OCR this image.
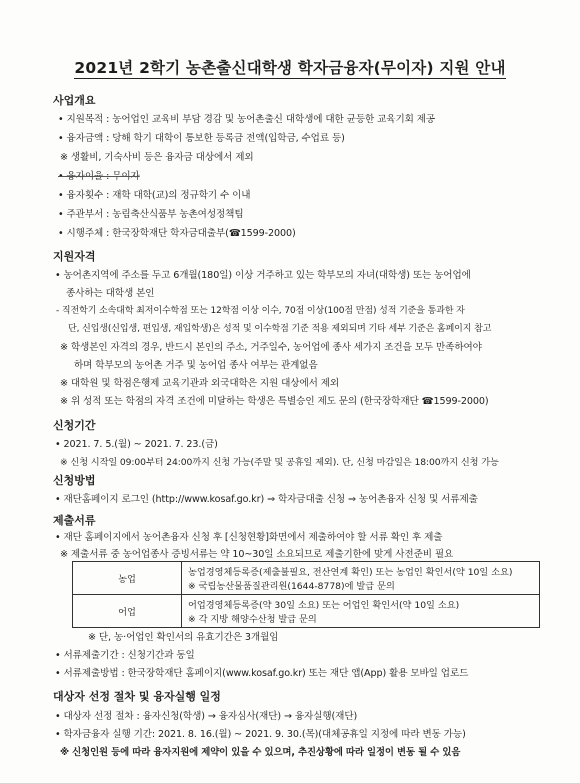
2021년 2학기 농촌출신대학생 학자금융자(무이자) 지원 안내
사업개요
• 지원목적 : 농어업인 교육비 부담 경감 및 농어촌출신 대학생에 대한 균등한 교육기회 제공
• 융자금액 : 당해 학기 대학이 통보한 등록금 전액(입학금, 수업료 등)
※ 생활비, 기숙사비 등은 융자금 대상에서 제외
• 융자이율 : 무이자
• 융자횟수 : 재학 대학(교)의 정규학기 수 이내
• 주관부서 : 농림축산식품부 농촌여성정책팀
• 시행주체 : 한국장학재단 학자금대출부(☎1599-2000)
지원자격
• 농어촌지역에 주소를 두고 6개월(180일) 이상 거주하고 있는 학부모의 자녀(대학생) 또는 농어업에
종사하는 대학생 본인
- 직전학기 소속대학 최저이수학점 또는 12학점 이상 이수, 70점 이상(100점 만점) 성적 기준을 통과한 자
단, 신입생(신입생, 편입생, 재입학생)은 성적 및 이수학점 기준 적용 제외되며 기타 세부 기준은 홈페이지 참고
※ 학생본인 자격의 경우, 반드시 본인의 주소, 거주일수, 농어업에 종사 세가지 조건을 모두 만족하여야
하며 학부모의 농어촌 거주 및 농어업 종사 여부는 관계없음
※ 대학원 및 학점은행제 교육기관과 외국대학은 지원 대상에서 제외
※ 위 성적 또는 학점의 자격 조건에 미달하는 학생은 특별승인 제도 문의 (한국장학재단 ☎1599-2000)
신청기간
• 2021. 7. 5.(월) ~ 2021. 7. 23.(금)
※ 신청 시작일 09:00부터 24:00까지 신청 가능(주말 및 공휴일 제외). 단, 신청 마감일은 18:00까지 신청 가능
신청방법
• 재단홈페이지 로그인 (http://www.kosaf.go.kr) ⇒ 학자금대출 신청 ⇒ 농어촌융자 신청 및 서류제출
제출서류
• 재단 홈페이지에서 농어촌융자 신청 후 [신청현황]화면에서 제출하여야 할 서류 확인 후 제출
※ 제출서류 중 농어업종사 증빙서류는 약 10~30일 소요되므로 제출기한에 맞게 사전준비 필요
농업	농업경영체등록증(제출불필요, 전산연계 확인) 또는 농업인 확인서(약 10일 소요)
※ 국립농산물품질관리원(1644-8778)에 발급 문의

어업	어업경영체등록증(약 30일 소요) 또는 어업인 확인서(약 10일 소요)
※ 각 지방 해양수산청 발급 문의
※ 단, 농·어업인 확인서의 유효기간은 3개월임
• 서류제출기간 : 신청기간과 동일
• 서류제출방법 : 한국장학재단 홈페이지(www.kosaf.go.kr) 또는 재단 앱(App) 활용 모바일 업로드
대상자 선정 절차 및 융자실행 일정
• 대상자 선정 절차 : 융자신청(학생) → 융자심사(재단) → 융자실행(재단)
• 학자금융자 실행 기간: 2021. 8. 16.(월) ~ 2021. 9. 30.(목)(대체공휴일 지정에 따라 변동 가능)
※ 신청인원 등에 따라 융자지원에 제약이 있을 수 있으며, 추진상황에 따라 일정이 변동 될 수 있음
